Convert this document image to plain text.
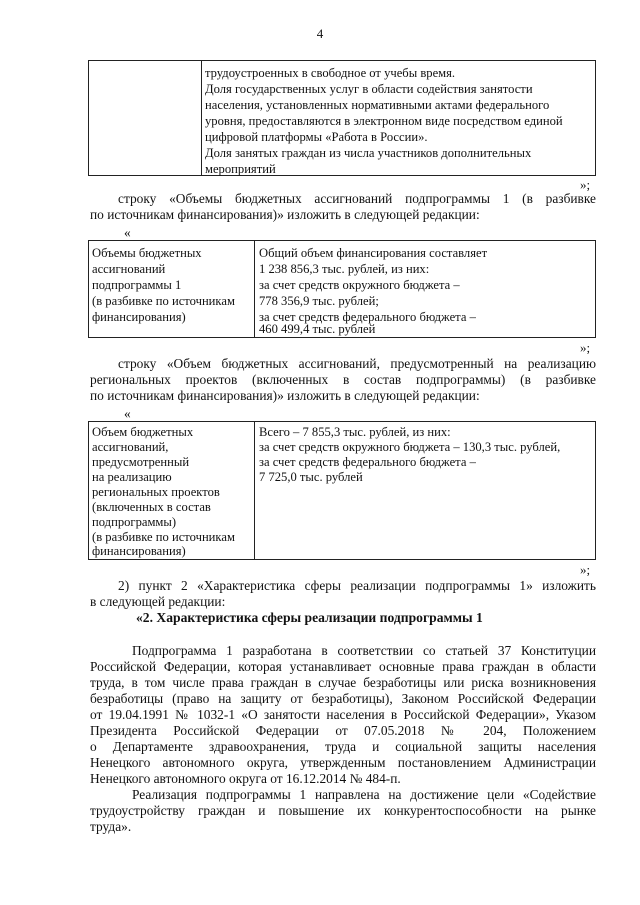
4
трудоустроенных в свободное от учебы время.
Доля государственных услуг в области содействия занятости
населения, установленных нормативными актами федерального
уровня, предоставляются в электронном виде посредством единой
цифровой платформы «Работа в России».
Доля занятых граждан из числа участников дополнительных
мероприятий
»;
строку «Объемы бюджетных ассигнований подпрограммы 1 (в разбивке
по источникам финансирования)» изложить в следующей редакции:
«
Объемы бюджетных
ассигнований
подпрограммы 1
(в разбивке по источникам
финансирования)
Общий объем финансирования составляет
1 238 856,3 тыс. рублей, из них:
за счет средств окружного бюджета –
778 356,9 тыс. рублей;
за счет средств федерального бюджета –
460 499,4 тыс. рублей
»;
строку «Объем бюджетных ассигнований, предусмотренный на реализацию
региональных проектов (включенных в состав подпрограммы) (в разбивке
по источникам финансирования)» изложить в следующей редакции:
«
Объем бюджетных
ассигнований,
предусмотренный
на реализацию
региональных проектов
(включенных в состав
подпрограммы)
(в разбивке по источникам
финансирования)
Всего – 7 855,3 тыс. рублей, из них:
за счет средств окружного бюджета – 130,3 тыс. рублей,
за счет средств федерального бюджета –
7 725,0 тыс. рублей
»;
2) пункт 2 «Характеристика сферы реализации подпрограммы 1» изложить
в следующей редакции:
«2. Характеристика сферы реализации подпрограммы 1
Подпрограмма 1 разработана в соответствии со статьей 37 Конституции
Российской Федерации, которая устанавливает основные права граждан в области
труда, в том числе права граждан в случае безработицы или риска возникновения
безработицы (право на защиту от безработицы), Законом Российской Федерации
от 19.04.1991 № 1032-1 «О занятости населения в Российской Федерации», Указом
Президента Российской Федерации от 07.05.2018 № 204, Положением
о Департаменте здравоохранения, труда и социальной защиты населения
Ненецкого автономного округа, утвержденным постановлением Администрации
Ненецкого автономного округа от 16.12.2014 № 484-п.
Реализация подпрограммы 1 направлена на достижение цели «Содействие
трудоустройству граждан и повышение их конкурентоспособности на рынке
труда».
